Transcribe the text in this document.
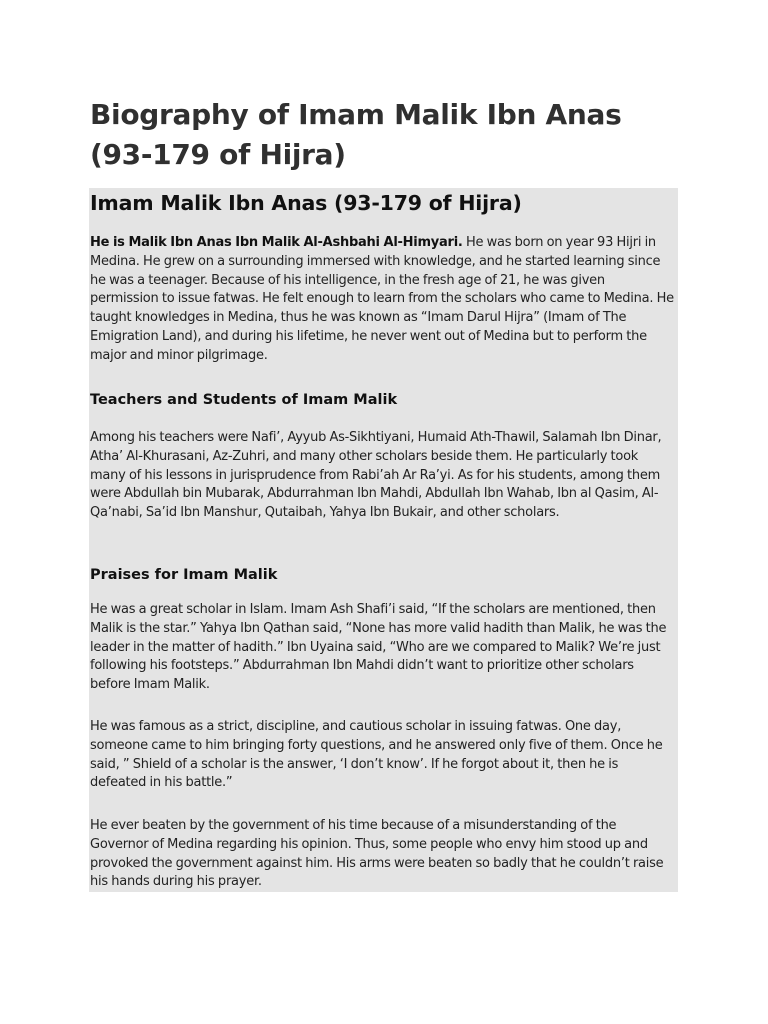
Biography of Imam Malik Ibn Anas (93-179 of Hijra)
Imam Malik Ibn Anas (93-179 of Hijra)

He is Malik Ibn Anas Ibn Malik Al-Ashbahi Al-Himyari. He was born on year 93 Hijri in Medina. He grew on a surrounding immersed with knowledge, and he started learning since he was a teenager. Because of his intelligence, in the fresh age of 21, he was given permission to issue fatwas. He felt enough to learn from the scholars who came to Medina. He taught knowledges in Medina, thus he was known as “Imam Darul Hijra” (Imam of The Emigration Land), and during his lifetime, he never went out of Medina but to perform the major and minor pilgrimage.

Teachers and Students of Imam Malik

Among his teachers were Nafi’, Ayyub As-Sikhtiyani, Humaid Ath-Thawil, Salamah Ibn Dinar, Atha’ Al-Khurasani, Az-Zuhri, and many other scholars beside them. He particularly took many of his lessons in jurisprudence from Rabi’ah Ar Ra’yi. As for his students, among them were Abdullah bin Mubarak, Abdurrahman Ibn Mahdi, Abdullah Ibn Wahab, Ibn al Qasim, Al-Qa’nabi, Sa’id Ibn Manshur, Qutaibah, Yahya Ibn Bukair, and other scholars.

Praises for Imam Malik

He was a great scholar in Islam. Imam Ash Shafi’i said, “If the scholars are mentioned, then Malik is the star.” Yahya Ibn Qathan said, “None has more valid hadith than Malik, he was the leader in the matter of hadith.” Ibn Uyaina said, “Who are we compared to Malik? We’re just following his footsteps.” Abdurrahman Ibn Mahdi didn’t want to prioritize other scholars before Imam Malik.

He was famous as a strict, discipline, and cautious scholar in issuing fatwas. One day, someone came to him bringing forty questions, and he answered only five of them. Once he said, ” Shield of a scholar is the answer, ‘I don’t know’. If he forgot about it, then he is defeated in his battle.”

He ever beaten by the government of his time because of a misunderstanding of the Governor of Medina regarding his opinion. Thus, some people who envy him stood up and provoked the government against him. His arms were beaten so badly that he couldn’t raise his hands during his prayer.
